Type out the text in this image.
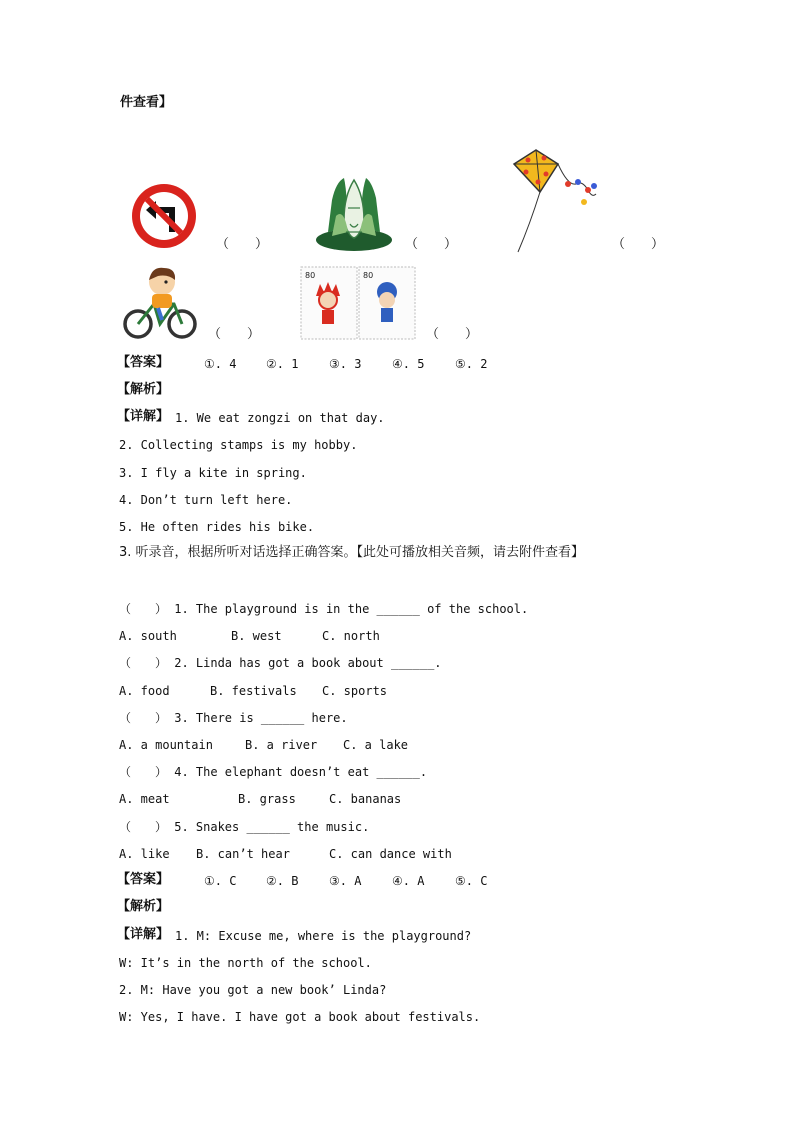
件查看】
（　　）	（　　）	（　　）
（　　）
80	80
（　　）
【答案】	①. 4 ②. 1	③. 3	④. 5	⑤. 2
【解析】
【详解】 1. We eat zongzi on that day.
2. Collecting stamps is my hobby.
3. I fly a kite in spring.
4. Don’t turn left here.
5. He often rides his bike.
3. 听录音，根据所听对话选择正确答案。【此处可播放相关音频，请去附件查看】
（　　） 1. The playground is in the ______ of the school.
A. south	B. west	C. north
（　　） 2. Linda has got a book about ______.
A. food	B. festivals C. sports
（　　） 3. There is ______ here.
A. a mountain	B. a river C. a lake
（　　） 4. The elephant doesn’t eat ______.
A. meat	B. grass	C. bananas
（　　） 5. Snakes ______ the music.
A. like B. can’t hear	C. can dance with
【答案】	①. C ②. B	③. A	④. A	⑤. C
【解析】
【详解】 1. M: Excuse me, where is the playground?
W: It’s in the north of the school.
2. M: Have you got a new book’ Linda?
W: Yes, I have. I have got a book about festivals.
